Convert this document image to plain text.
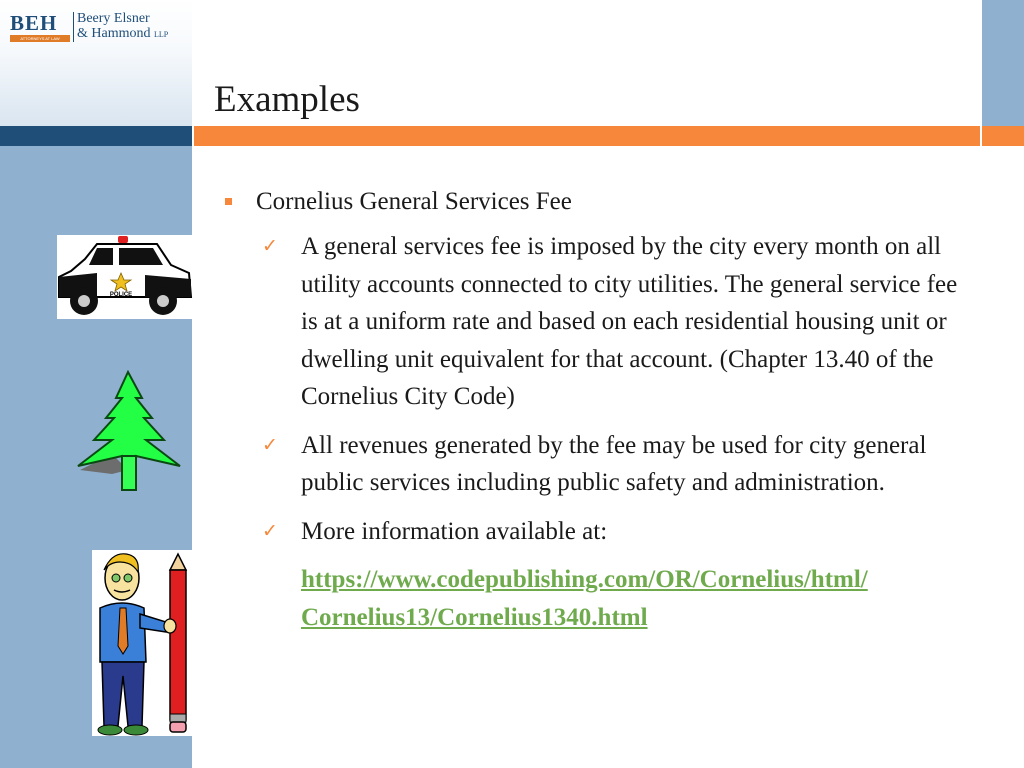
BEH
ATTORNEYS AT LAW
Beery Elsner
& Hammond LLP
Examples
Cornelius General Services Fee
✓ A general services fee is imposed by the city every month on all utility accounts connected to city utilities. The general service fee is at a uniform rate and based on each residential housing unit or dwelling unit equivalent for that account. (Chapter 13.40 of the Cornelius City Code)
✓ All revenues generated by the fee may be used for city general public services including public safety and administration.
✓ More information available at:
https://www.codepublishing.com/OR/Cornelius/html/
Cornelius13/Cornelius1340.html
POLICE
